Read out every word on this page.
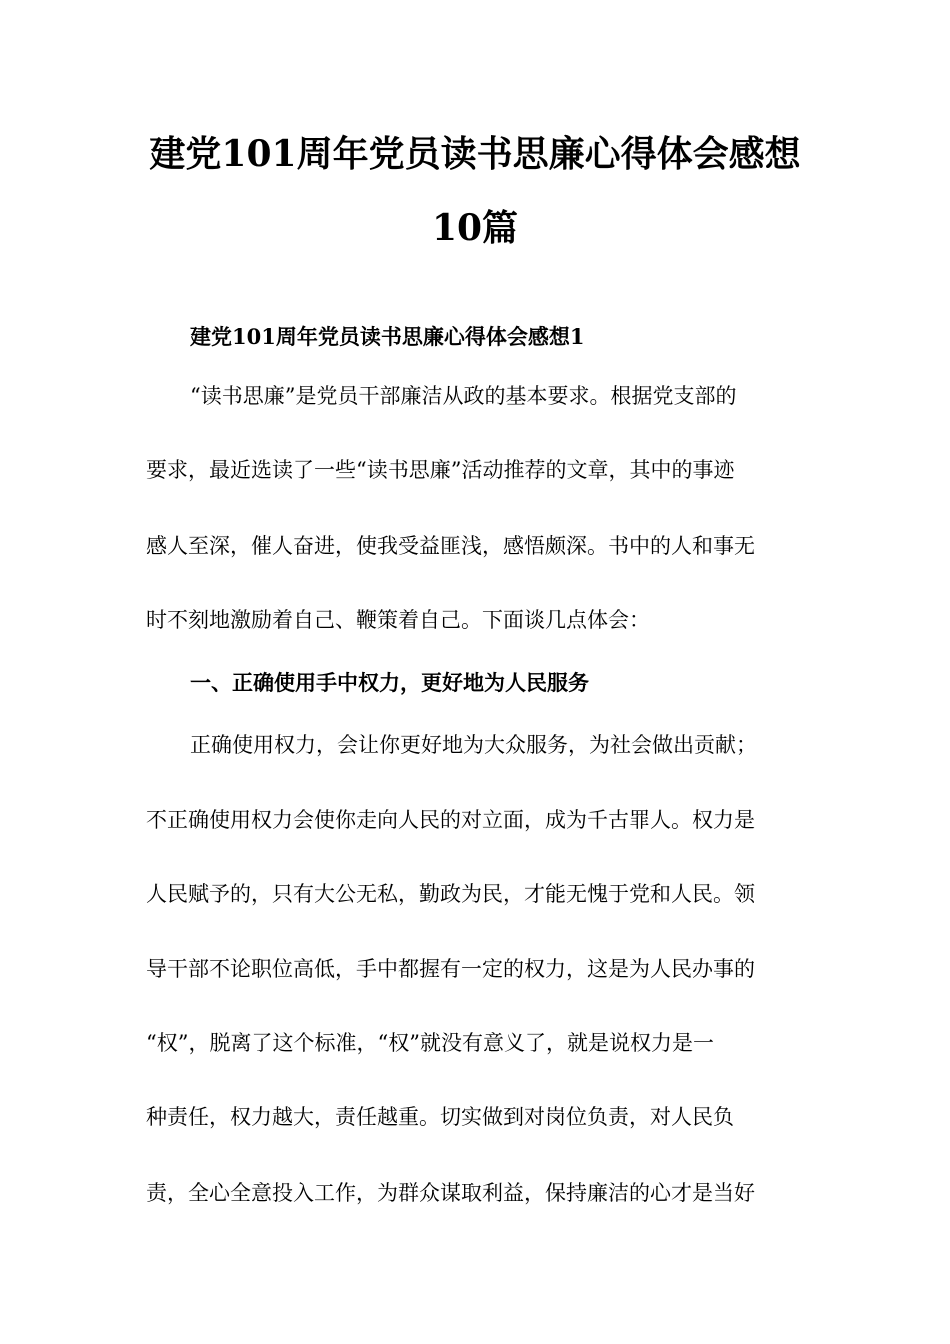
建党101周年党员读书思廉心得体会感想
10篇

建党101周年党员读书思廉心得体会感想1

“读书思廉”是党员干部廉洁从政的基本要求。根据党支部的

要求，最近选读了一些“读书思廉”活动推荐的文章，其中的事迹

感人至深，催人奋进，使我受益匪浅，感悟颇深。书中的人和事无

时不刻地激励着自己、鞭策着自己。下面谈几点体会：

一、正确使用手中权力，更好地为人民服务

正确使用权力，会让你更好地为大众服务，为社会做出贡献；

不正确使用权力会使你走向人民的对立面，成为千古罪人。权力是

人民赋予的，只有大公无私，勤政为民，才能无愧于党和人民。领

导干部不论职位高低，手中都握有一定的权力，这是为人民办事的

“权”，脱离了这个标准，“权”就没有意义了，就是说权力是一

种责任，权力越大，责任越重。切实做到对岗位负责，对人民负

责，全心全意投入工作，为群众谋取利益，保持廉洁的心才是当好
